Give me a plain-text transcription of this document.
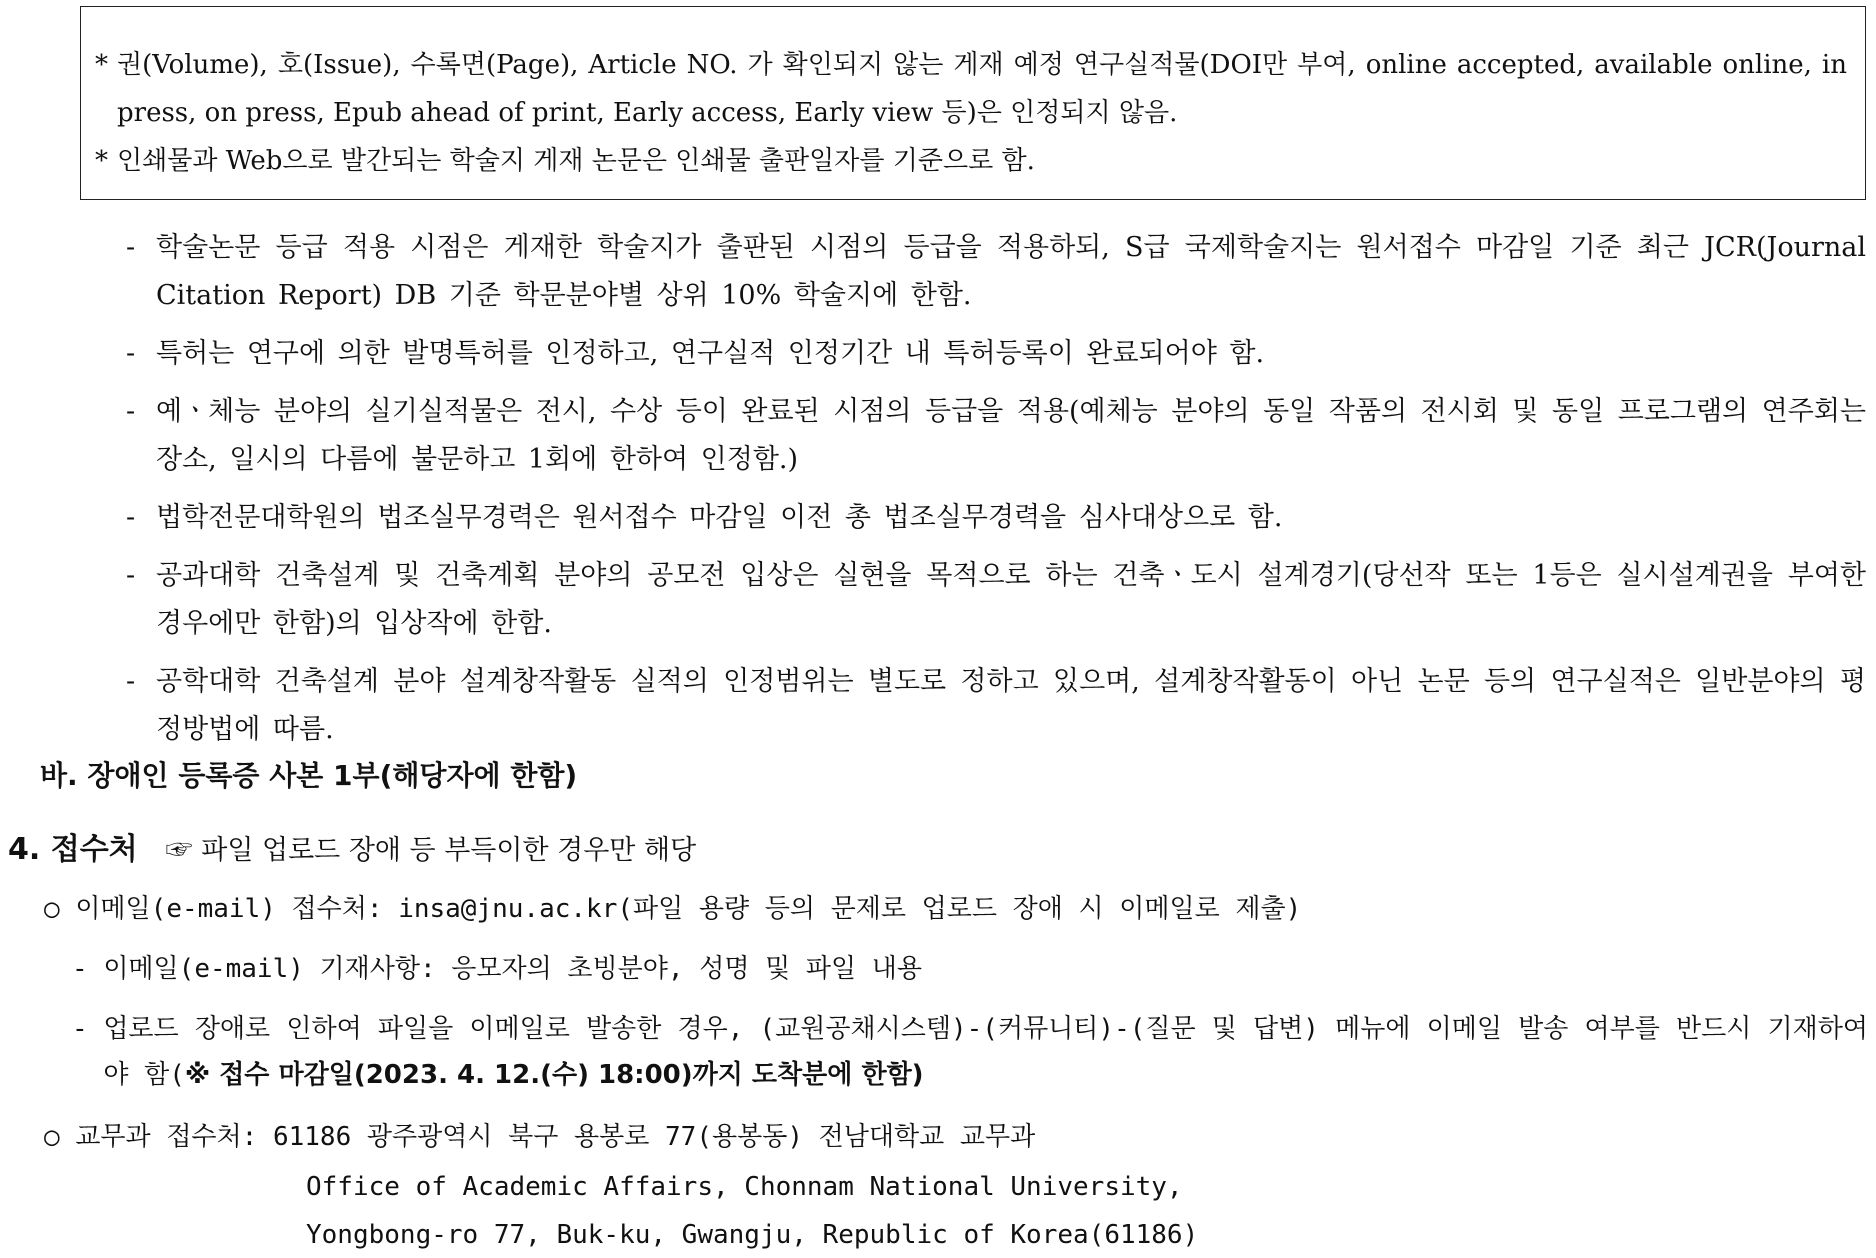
* 권(Volume), 호(Issue), 수록면(Page), Article NO. 가 확인되지 않는 게재 예정 연구실적물(DOI만 부여, online accepted, available online, in press, on press, Epub ahead of print, Early access, Early view 등)은 인정되지 않음.
* 인쇄물과 Web으로 발간되는 학술지 게재 논문은 인쇄물 출판일자를 기준으로 함.
- 학술논문 등급 적용 시점은 게재한 학술지가 출판된 시점의 등급을 적용하되, S급 국제학술지는 원서접수 마감일 기준 최근 JCR(Journal Citation Report) DB 기준 학문분야별 상위 10% 학술지에 한함.
- 특허는 연구에 의한 발명특허를 인정하고, 연구실적 인정기간 내 특허등록이 완료되어야 함.
- 예ㆍ체능 분야의 실기실적물은 전시, 수상 등이 완료된 시점의 등급을 적용(예체능 분야의 동일 작품의 전시회 및 동일 프로그램의 연주회는 장소, 일시의 다름에 불문하고 1회에 한하여 인정함.)
- 법학전문대학원의 법조실무경력은 원서접수 마감일 이전 총 법조실무경력을 심사대상으로 함.
- 공과대학 건축설계 및 건축계획 분야의 공모전 입상은 실현을 목적으로 하는 건축ㆍ도시 설계경기(당선작 또는 1등은 실시설계권을 부여한 경우에만 한함)의 입상작에 한함.
- 공학대학 건축설계 분야 설계창작활동 실적의 인정범위는 별도로 정하고 있으며, 설계창작활동이 아닌 논문 등의 연구실적은 일반분야의 평정방법에 따름.
바. 장애인 등록증 사본 1부(해당자에 한함)
4. 접수처 ☞ 파일 업로드 장애 등 부득이한 경우만 해당
○ 이메일(e-mail) 접수처: insa@jnu.ac.kr(파일 용량 등의 문제로 업로드 장애 시 이메일로 제출)
- 이메일(e-mail) 기재사항: 응모자의 초빙분야, 성명 및 파일 내용
- 업로드 장애로 인하여 파일을 이메일로 발송한 경우, (교원공채시스템)-(커뮤니티)-(질문 및 답변) 메뉴에 이메일 발송 여부를 반드시 기재하여야 함(※ 접수 마감일(2023. 4. 12.(수) 18:00)까지 도착분에 한함)
○ 교무과 접수처: 61186 광주광역시 북구 용봉로 77(용봉동) 전남대학교 교무과
Office of Academic Affairs, Chonnam National University,
Yongbong-ro 77, Buk-ku, Gwangju, Republic of Korea(61186)
